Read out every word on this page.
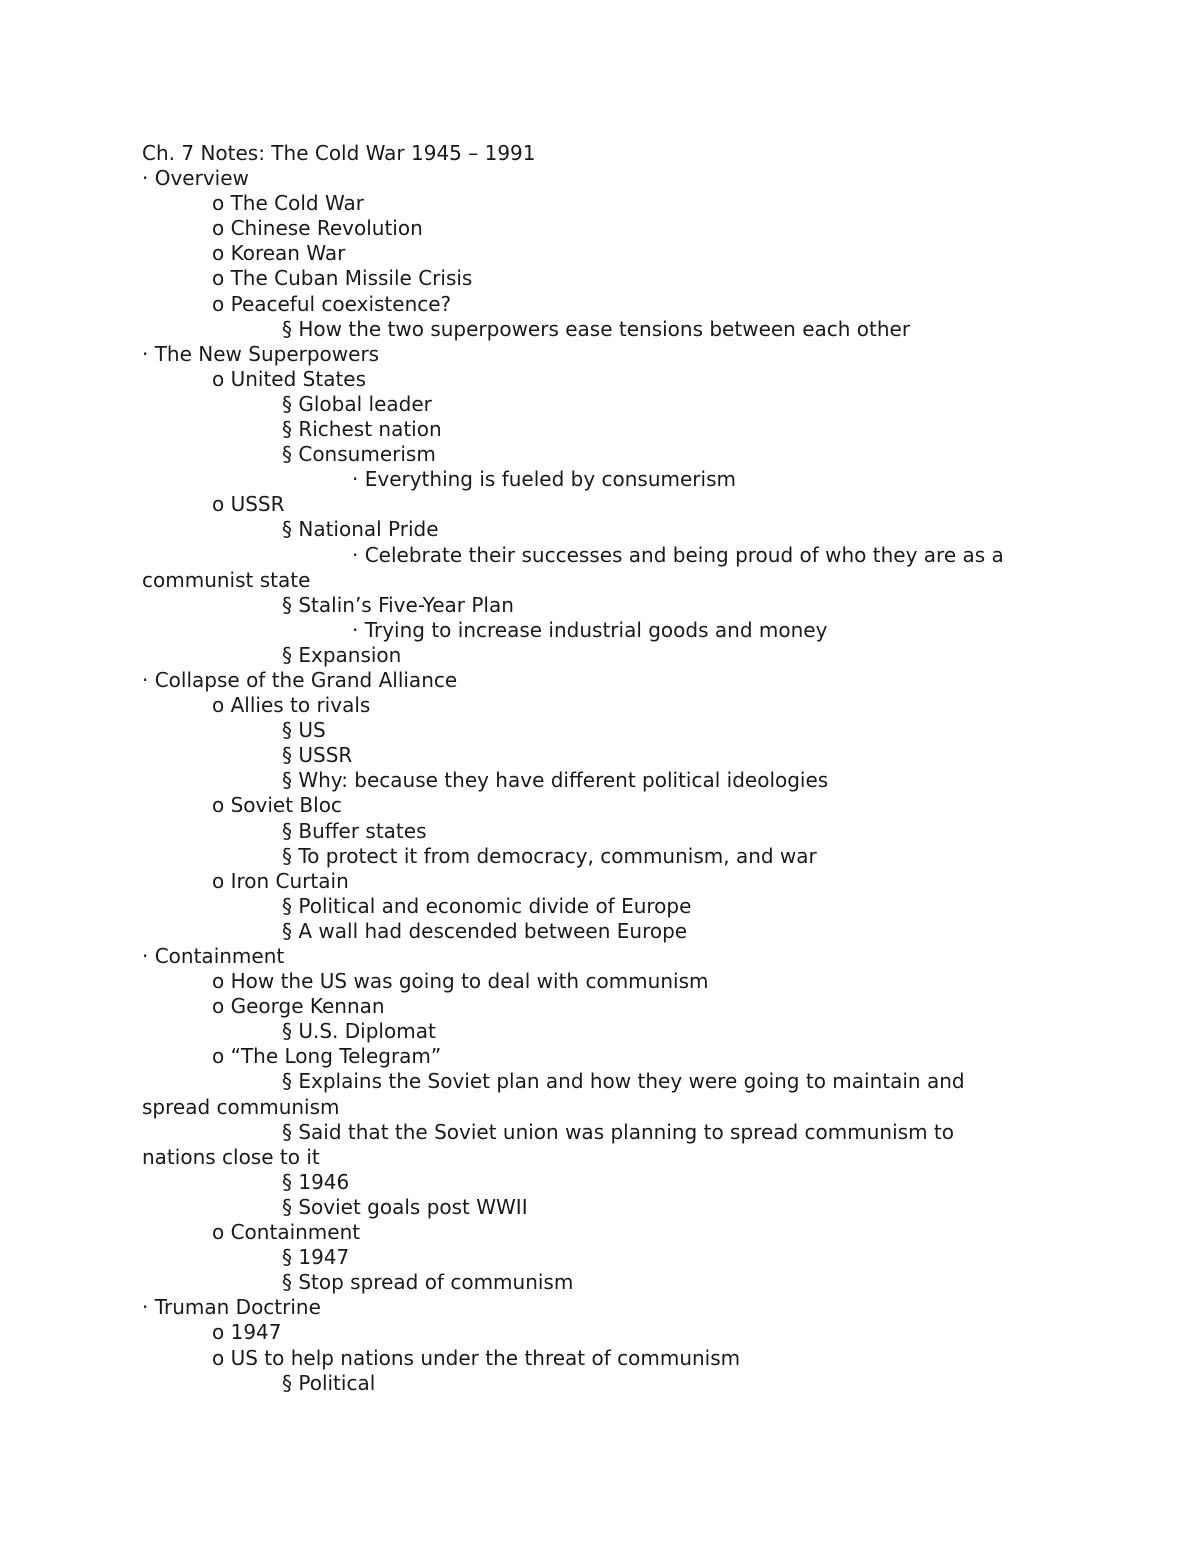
Ch. 7 Notes: The Cold War 1945 – 1991
· Overview
o The Cold War
o Chinese Revolution
o Korean War
o The Cuban Missile Crisis
o Peaceful coexistence?
§ How the two superpowers ease tensions between each other
· The New Superpowers
o United States
§ Global leader
§ Richest nation
§ Consumerism
· Everything is fueled by consumerism
o USSR
§ National Pride
· Celebrate their successes and being proud of who they are as a
communist state
§ Stalin’s Five-Year Plan
· Trying to increase industrial goods and money
§ Expansion
· Collapse of the Grand Alliance
o Allies to rivals
§ US
§ USSR
§ Why: because they have different political ideologies
o Soviet Bloc
§ Buffer states
§ To protect it from democracy, communism, and war
o Iron Curtain
§ Political and economic divide of Europe
§ A wall had descended between Europe
· Containment
o How the US was going to deal with communism
o George Kennan
§ U.S. Diplomat
o “The Long Telegram”
§ Explains the Soviet plan and how they were going to maintain and
spread communism
§ Said that the Soviet union was planning to spread communism to
nations close to it
§ 1946
§ Soviet goals post WWII
o Containment
§ 1947
§ Stop spread of communism
· Truman Doctrine
o 1947
o US to help nations under the threat of communism
§ Political
